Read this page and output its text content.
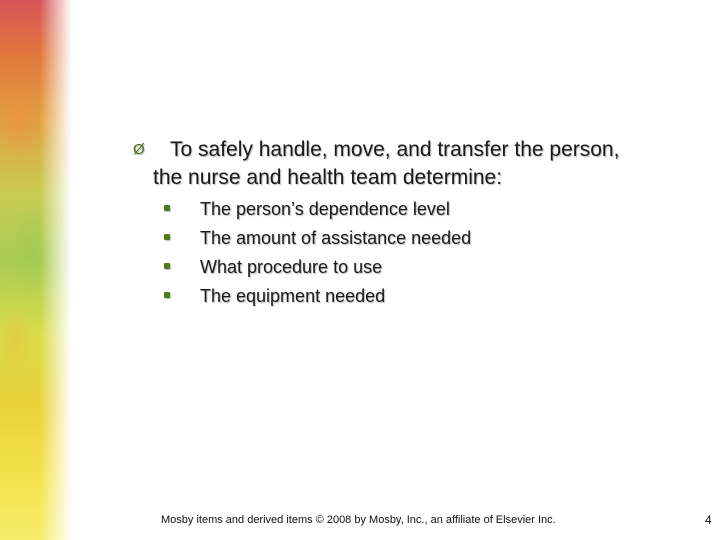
Ø To safely handle, move, and transfer the person,
the nurse and health team determine:
The person’s dependence level
The amount of assistance needed
What procedure to use
The equipment needed
Mosby items and derived items © 2008 by Mosby, Inc., an affiliate of Elsevier Inc.	4
